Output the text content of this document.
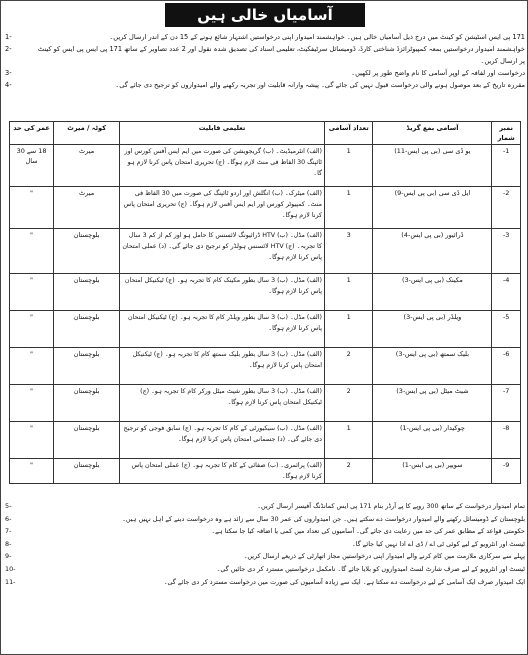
آسامیاں خالی ہیں
171 پی ایس اسٹیشن کو کینٹ میں درج ذیل آسامیاں خالی ہیں۔ خواہشمند امیدوار اپنی درخواستیں اشتہار شائع ہونے کے 15 دن کے اندر ارسال کریں۔
1-
خواہشمند امیدوار درخواستیں بمعہ کمپیوٹرائزڈ شناختی کارڈ، ڈومیسائل سرٹیفکیٹ، تعلیمی اسناد کی تصدیق شدہ نقول اور 2 عدد تصاویر کے ساتھ 171 پی ایس پی ایس کو کینٹ
2-
پر ارسال کریں۔
درخواست اور لفافہ کے اوپر آسامی کا نام واضح طور پر لکھیں۔
3-
مقررہ تاریخ کے بعد موصول ہونے والی درخواست قبول نہیں کی جائے گی۔ پیشہ وارانہ قابلیت اور تجربہ رکھنے والے امیدواروں کو ترجیح دی جائے گی۔
4-
نمبر شمار	آسامی بمع گریڈ	تعداد آسامی	تعلیمی قابلیت	کوٹہ / میرٹ	عمر کی حد
1-	یو ڈی سی (بی پی ایس-11)	1	(الف) انٹرمیڈیٹ۔ (ب) گریجویشن کی صورت میں ایم ایس آفس کورس اور ٹائپنگ 30 الفاظ فی منٹ لازم ہوگا۔ (ج) تحریری امتحان پاس کرنا لازم ہو گا۔	میرٹ	18 سے 30 سال
2-	ایل ڈی سی (بی پی ایس-9)	1	(الف) میٹرک۔ (ب) انگلش اور اردو ٹائپنگ کی صورت میں 30 الفاظ فی منٹ۔ کمپیوٹر کورس اور ایم ایس آفس لازم ہوگا۔ (ج) تحریری امتحان پاس کرنا لازم ہوگا۔	میرٹ	"
3-	ڈرائیور (بی پی ایس-4)	3	(الف) مڈل۔ (ب) HTV ڈرائیونگ لائسنس کا حامل ہو اور کم از کم 3 سال کا تجربہ۔ (ج) HTV لائسنس ہولڈر کو ترجیح دی جائے گی۔ (د) عملی امتحان پاس کرنا لازم ہوگا۔	بلوچستان	"
4-	مکینک (بی پی ایس-3)	1	(الف) مڈل۔ (ب) 3 سال بطور مکینک کام کا تجربہ ہو۔ (ج) ٹیکنیکل امتحان پاس کرنا لازم ہوگا۔	بلوچستان	"
5-	ویلڈر (بی پی ایس-3)	1	(الف) مڈل۔ (ب) 3 سال بطور ویلڈر کام کا تجربہ ہو۔ (ج) ٹیکنیکل امتحان پاس کرنا لازم ہوگا۔	بلوچستان	"
6-	بلیک سمتھ (بی پی ایس-3)	2	(الف) مڈل۔ (ب) 3 سال بطور بلیک سمتھ کام کا تجربہ ہو۔ (ج) ٹیکنیکل امتحان پاس کرنا لازم ہوگا۔	بلوچستان	"
7-	شیٹ میٹل (بی پی ایس-3)	2	(الف) مڈل۔ (ب) 3 سال بطور شیٹ میٹل ورکر کام کا تجربہ ہو۔ (ج) ٹیکنیکل امتحان پاس کرنا لازم ہوگا۔	بلوچستان	"
8-	چوکیدار (بی پی ایس-1)	1	(الف) مڈل۔ (ب) سیکیورٹی کے کام کا تجربہ ہو۔ (ج) سابق فوجی کو ترجیح دی جائے گی۔ (د) جسمانی امتحان پاس کرنا لازم ہوگا۔	بلوچستان	"
9-	سویپر (بی پی ایس-1)	2	(الف) پرائمری۔ (ب) صفائی کے کام کا تجربہ ہو۔ (ج) عملی امتحان پاس کرنا لازم ہوگا۔	بلوچستان	"
تمام امیدوار درخواست کے ساتھ 300 روپے کا پے آرڈر بنام 171 پی ایس کمانڈنگ آفیسر ارسال کریں۔
5-
بلوچستان کے ڈومیسائل رکھنے والے امیدوار درخواست دے سکتے ہیں۔ جن امیدواروں کی عمر 30 سال سے زائد ہے وہ درخواست دینے کے اہل نہیں ہیں۔
6-
حکومتی قواعد کے مطابق عمر کی حد میں رعایت دی جائے گی۔ آسامیوں کی تعداد میں کمی یا اضافہ کیا جا سکتا ہے۔
7-
ٹیسٹ اور انٹرویو کے لیے کوئی ٹی اے / ڈی اے ادا نہیں کیا جائے گا۔
8-
پہلے سے سرکاری ملازمت میں کام کرنے والے امیدوار اپنی درخواستیں مجاز اتھارٹی کے ذریعے ارسال کریں۔
9-
ٹیسٹ اور انٹرویو کے لیے صرف شارٹ لسٹ امیدواروں کو بلایا جائے گا۔ نامکمل درخواستیں مسترد کر دی جائیں گی۔
10-
ایک امیدوار صرف ایک آسامی کے لیے درخواست دے سکتا ہے۔ ایک سے زیادہ آسامیوں کی صورت میں درخواست مسترد کر دی جائے گی۔
11-
